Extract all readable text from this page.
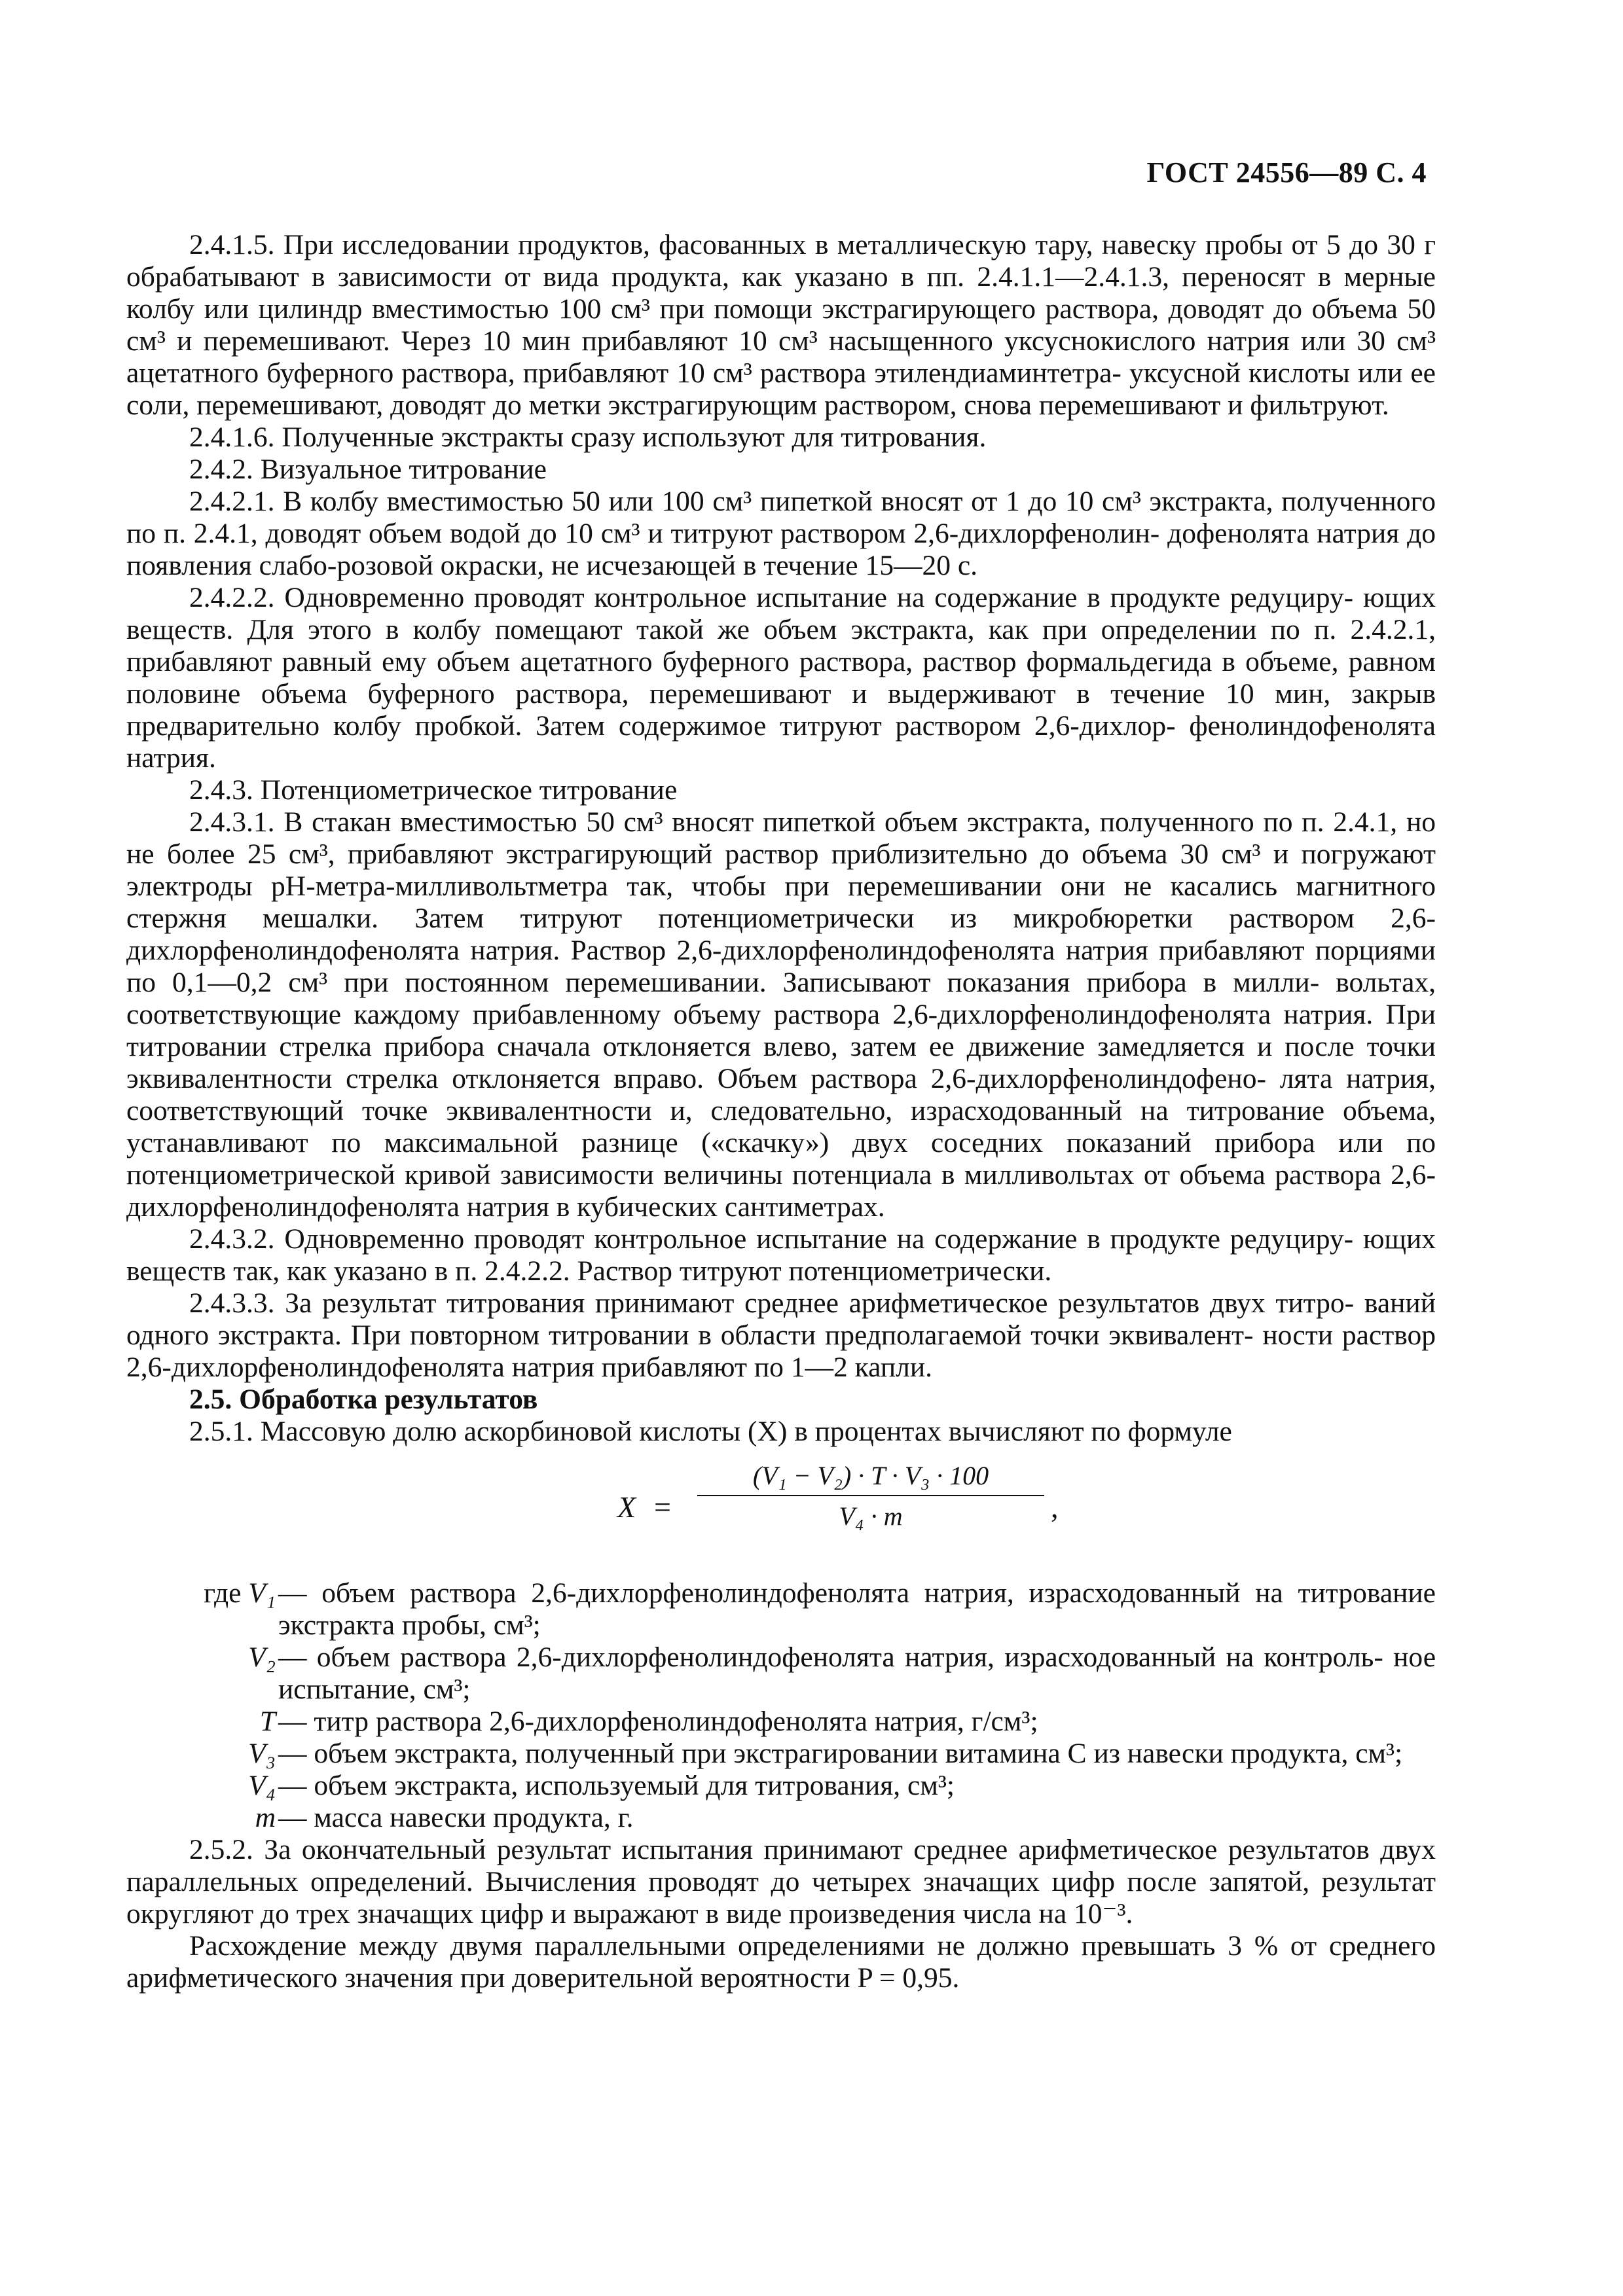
ГОСТ 24556—89 С. 4

2.4.1.5. При исследовании продуктов, фасованных в металлическую тару, навеску пробы от 5 до 30 г обрабатывают в зависимости от вида продукта, как указано в пп. 2.4.1.1—2.4.1.3, переносят в мерные колбу или цилиндр вместимостью 100 см³ при помощи экстрагирующего раствора, доводят до объема 50 см³ и перемешивают. Через 10 мин прибавляют 10 см³ насыщенного уксуснокислого натрия или 30 см³ ацетатного буферного раствора, прибавляют 10 см³ раствора этилендиаминтетра- уксусной кислоты или ее соли, перемешивают, доводят до метки экстрагирующим раствором, снова перемешивают и фильтруют.

2.4.1.6. Полученные экстракты сразу используют для титрования.

2.4.2. Визуальное титрование

2.4.2.1. В колбу вместимостью 50 или 100 см³ пипеткой вносят от 1 до 10 см³ экстракта, полученного по п. 2.4.1, доводят объем водой до 10 см³ и титруют раствором 2,6-дихлорфенолин- дофенолята натрия до появления слабо-розовой окраски, не исчезающей в течение 15—20 с.

2.4.2.2. Одновременно проводят контрольное испытание на содержание в продукте редуциру- ющих веществ. Для этого в колбу помещают такой же объем экстракта, как при определении по п. 2.4.2.1, прибавляют равный ему объем ацетатного буферного раствора, раствор формальдегида в объеме, равном половине объема буферного раствора, перемешивают и выдерживают в течение 10 мин, закрыв предварительно колбу пробкой. Затем содержимое титруют раствором 2,6-дихлор- фенолиндофенолята натрия.

2.4.3. Потенциометрическое титрование

2.4.3.1. В стакан вместимостью 50 см³ вносят пипеткой объем экстракта, полученного по п. 2.4.1, но не более 25 см³, прибавляют экстрагирующий раствор приблизительно до объема 30 см³ и погружают электроды pH-метра-милливольтметра так, чтобы при перемешивании они не касались магнитного стержня мешалки. Затем титруют потенциометрически из микробюретки раствором 2,6-дихлорфенолиндофенолята натрия. Раствор 2,6-дихлорфенолиндофенолята натрия прибавляют порциями по 0,1—0,2 см³ при постоянном перемешивании. Записывают показания прибора в милли- вольтах, соответствующие каждому прибавленному объему раствора 2,6-дихлорфенолиндофенолята натрия. При титровании стрелка прибора сначала отклоняется влево, затем ее движение замедляется и после точки эквивалентности стрелка отклоняется вправо. Объем раствора 2,6-дихлорфенолиндофено- лята натрия, соответствующий точке эквивалентности и, следовательно, израсходованный на титрование объема, устанавливают по максимальной разнице («скачку») двух соседних показаний прибора или по потенциометрической кривой зависимости величины потенциала в милливольтах от объема раствора 2,6-дихлорфенолиндофенолята натрия в кубических сантиметрах.

2.4.3.2. Одновременно проводят контрольное испытание на содержание в продукте редуциру- ющих веществ так, как указано в п. 2.4.2.2. Раствор титруют потенциометрически.

2.4.3.3. За результат титрования принимают среднее арифметическое результатов двух титро- ваний одного экстракта. При повторном титровании в области предполагаемой точки эквивалент- ности раствор 2,6-дихлорфенолиндофенолята натрия прибавляют по 1—2 капли.

2.5. Обработка результатов

2.5.1. Массовую долю аскорбиновой кислоты (X) в процентах вычисляют по формуле

X =
(V₁ − V₂) · T · V₃ · 100
V₄ · m	,
где V₁ — объем раствора 2,6-дихлорфенолиндофенолята натрия, израсходованный на титрование экстракта пробы, см³;
V₂ — объем раствора 2,6-дихлорфенолиндофенолята натрия, израсходованный на контроль- ное испытание, см³;
T — титр раствора 2,6-дихлорфенолиндофенолята натрия, г/см³;
V₃ — объем экстракта, полученный при экстрагировании витамина С из навески продукта, см³;
V₄ — объем экстракта, используемый для титрования, см³;
m — масса навески продукта, г.

2.5.2. За окончательный результат испытания принимают среднее арифметическое результатов двух параллельных определений. Вычисления проводят до четырех значащих цифр после запятой, результат округляют до трех значащих цифр и выражают в виде произведения числа на 10⁻³.

Расхождение между двумя параллельными определениями не должно превышать 3 % от среднего арифметического значения при доверительной вероятности P = 0,95.
